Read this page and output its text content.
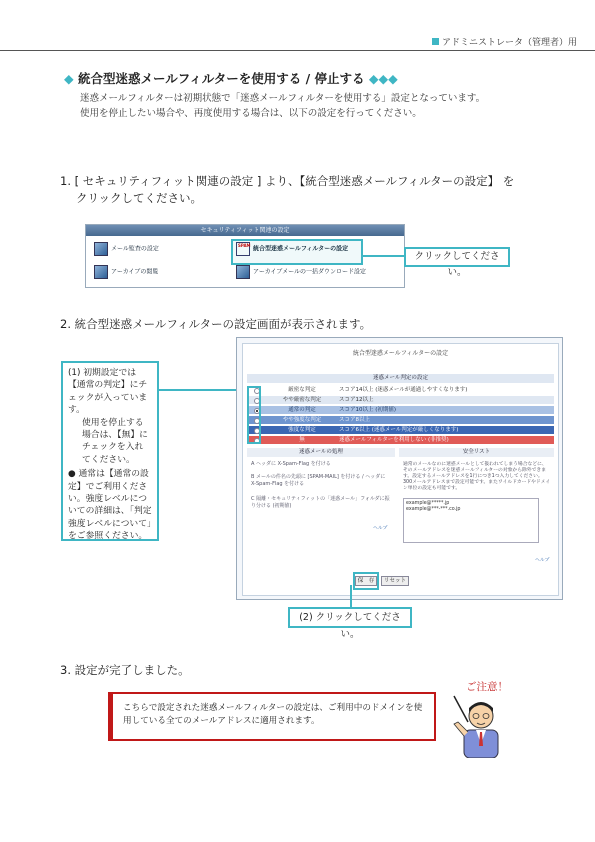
アドミニストレータ（管理者）用
◆ 統合型迷惑メールフィルターを使用する / 停止する ◆◆◆
迷惑メールフィルターは初期状態で「迷惑メールフィルターを使用する」設定となっています。
使用を停止したい場合や、再度使用する場合は、以下の設定を行ってください。
1. [ セキュリティフィット関連の設定 ] より、【統合型迷惑メールフィルターの設定】 を
クリックしてください。
セキュリティフィット関連の設定
メール監査の設定	SPAM 統合型迷惑メールフィルターの設定
アーカイブの閲覧	アーカイブメールの一括ダウンロード設定
クリックしてください。
2. 統合型迷惑メールフィルターの設定画面が表示されます。
(1) 初期設定では【通常の判定】にチェックが入っています。
使用を停止する場合は、【無】にチェックを入れてください。
● 通常は【通常の設定】でご利用ください。強度レベルについての詳細は、「判定強度レベルについて」をご参照ください。
統合型迷惑メールフィルターの設定
迷惑メール判定の設定
厳密な判定	スコア14以上 (迷惑メールが通過しやすくなります)
やや厳密な判定	スコア12以上
通常の判定	スコア10以上 (初期値)
やや強度な判定	スコア8以上
強度な判定	スコア6以上 (迷惑メール判定が厳しくなります)
無	迷惑メールフィルターを利用しない (非推奨)
迷惑メールの処理
A ヘッダに X-Spam-Flag を付ける
B メールの件名の先頭に [SPAM-MAIL] を付ける / ヘッダに X-Spam-Flag を付ける
C 隔離・セキュリティフィットの「迷惑メール」フォルダに振り分ける (初期値)
ヘルプ
安全リスト
通常のメールなのに迷惑メールとして扱われてしまう場合などに、そのメールアドレスを迷惑メールフィルターの対象から除外できます。設定するメールアドレスを1行につき1つ入力してください。300メールアドレスまで設定可能です。またワイルドカードやドメイン単位の設定も可能です。
example@*****.jp
example@***-***.co.jp
ヘルプ
保　存	リセット
(2) クリックしてください。
3. 設定が完了しました。
ご注意！
こちらで設定された迷惑メールフィルターの設定は、ご利用中のドメインを使用している全てのメールアドレスに適用されます。
